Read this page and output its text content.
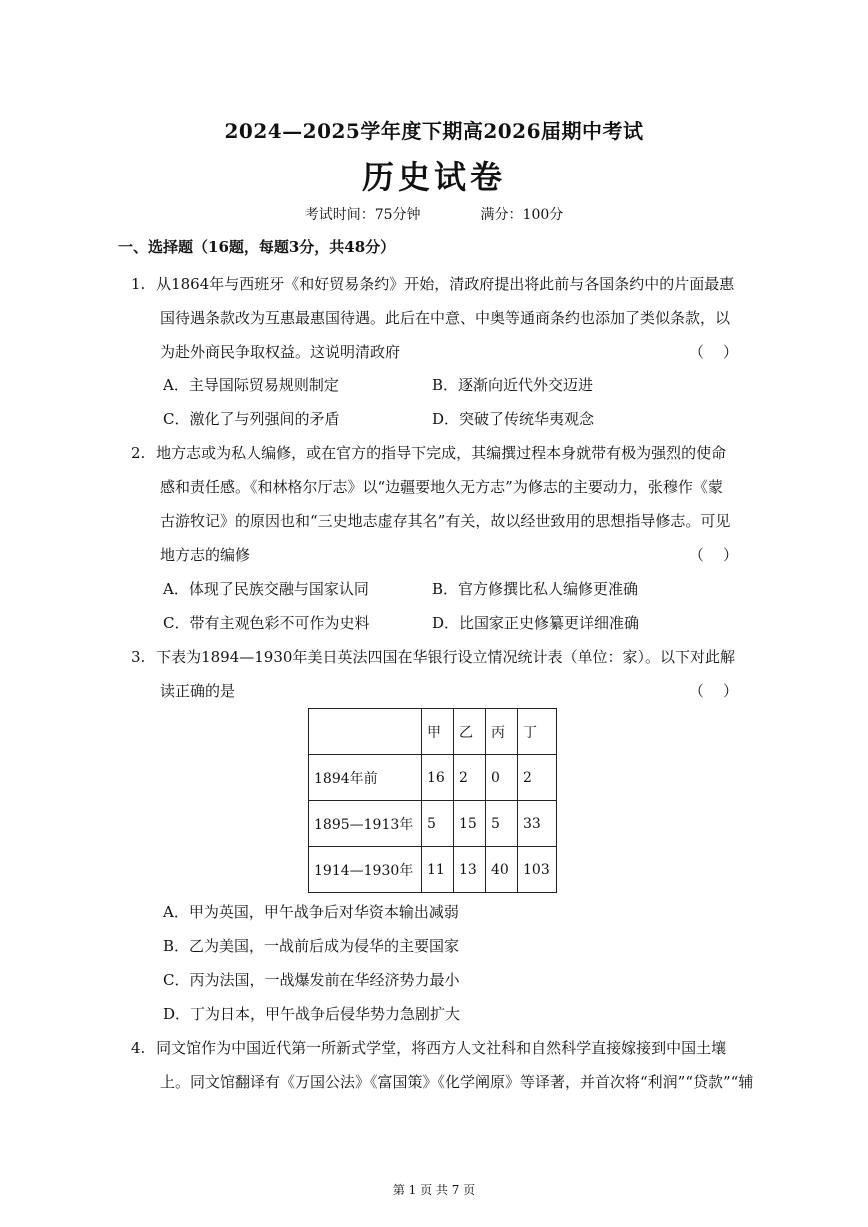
2024—2025学年度下期高2026届期中考试
历史试卷
考试时间：75分钟	满分：100分
一、选择题（16题，每题3分，共48分）
1. 从1864年与西班牙《和好贸易条约》开始，清政府提出将此前与各国条约中的片面最惠
国待遇条款改为互惠最惠国待遇。此后在中意、中奥等通商条约也添加了类似条款，以
为赴外商民争取权益。这说明清政府	（    ）
A．主导国际贸易规则制定	B．逐渐向近代外交迈进
C．激化了与列强间的矛盾	D．突破了传统华夷观念
2. 地方志或为私人编修，或在官方的指导下完成，其编撰过程本身就带有极为强烈的使命
感和责任感。《和林格尔厅志》以“边疆要地久无方志”为修志的主要动力，张穆作《蒙
古游牧记》的原因也和“三史地志虚存其名”有关，故以经世致用的思想指导修志。可见
地方志的编修	（    ）
A．体现了民族交融与国家认同	B．官方修撰比私人编修更准确
C．带有主观色彩不可作为史料	D．比国家正史修纂更详细准确
3. 下表为1894—1930年美日英法四国在华银行设立情况统计表（单位：家）。以下对此解
读正确的是	（    ）
	甲	乙	丙	丁
1894年前	16	2	0	2
1895—1913年	5	15	5	33
1914—1930年	11	13	40	103
A．甲为英国，甲午战争后对华资本输出减弱
B．乙为美国，一战前后成为侵华的主要国家
C．丙为法国，一战爆发前在华经济势力最小
D．丁为日本，甲午战争后侵华势力急剧扩大
4. 同文馆作为中国近代第一所新式学堂，将西方人文社科和自然科学直接嫁接到中国土壤
上。同文馆翻译有《万国公法》《富国策》《化学阐原》等译著，并首次将“利润”“贷款”“辅
第 1 页 共 7 页
